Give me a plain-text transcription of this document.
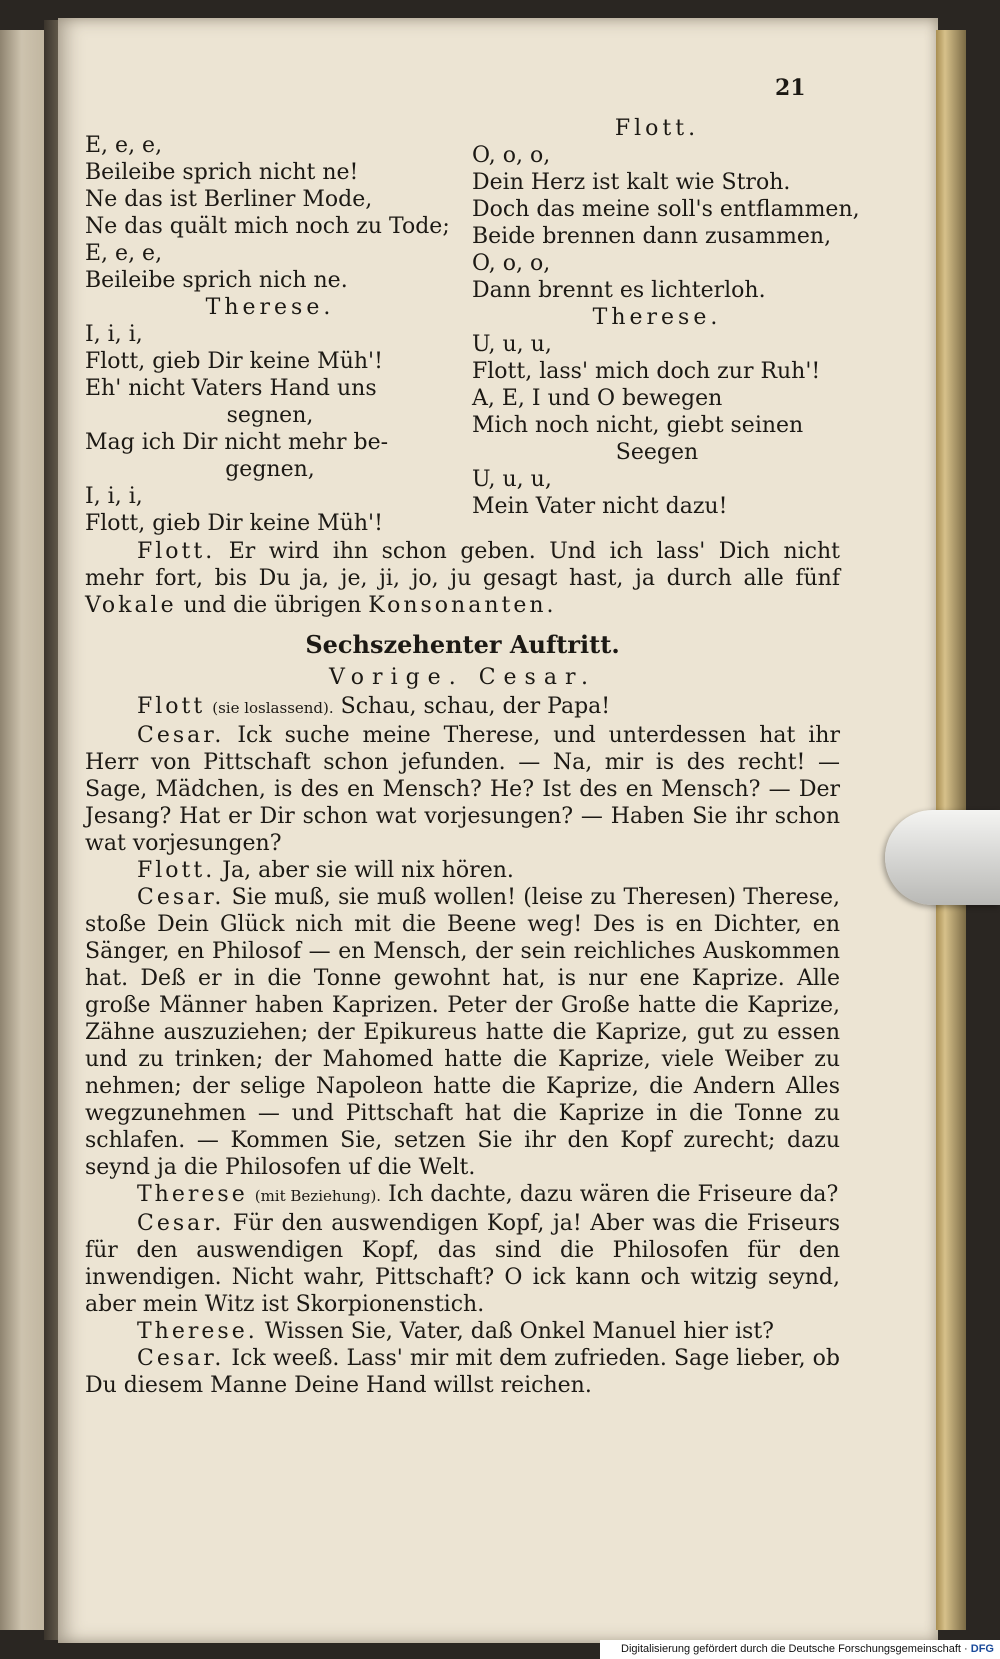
21
E, e, e,
Beileibe sprich nicht ne!
Ne das ist Berliner Mode,
Ne das quält mich noch zu Tode;
E, e, e,
Beileibe sprich nich ne.
Therese.
I, i, i,
Flott, gieb Dir keine Müh'!
Eh' nicht Vaters Hand uns
segnen,
Mag ich Dir nicht mehr be-
gegnen,
I, i, i,
Flott, gieb Dir keine Müh'!
Flott.
O, o, o,
Dein Herz ist kalt wie Stroh.
Doch das meine soll's entflammen,
Beide brennen dann zusammen,
O, o, o,
Dann brennt es lichterloh.
Therese.
U, u, u,
Flott, lass' mich doch zur Ruh'!
A, E, I und O bewegen
Mich noch nicht, giebt seinen
Seegen
U, u, u,
Mein Vater nicht dazu!

Flott. Er wird ihn schon geben. Und ich lass' Dich nicht mehr fort, bis Du ja, je, ji, jo, ju gesagt hast, ja durch alle fünf Vokale und die übrigen Konsonanten.

Sechszehenter Auftritt.
Vorige. Cesar.

Flott (sie loslassend). Schau, schau, der Papa!

Cesar. Ick suche meine Therese, und unterdessen hat ihr Herr von Pittschaft schon jefunden. — Na, mir is des recht! — Sage, Mädchen, is des en Mensch? He? Ist des en Mensch? — Der Jesang? Hat er Dir schon wat vorjesungen? — Haben Sie ihr schon wat vorjesungen?

Flott. Ja, aber sie will nix hören.

Cesar. Sie muß, sie muß wollen! (leise zu Theresen) Therese, stoße Dein Glück nich mit die Beene weg! Des is en Dichter, en Sänger, en Philosof — en Mensch, der sein reichliches Auskommen hat. Deß er in die Tonne gewohnt hat, is nur ene Kaprize. Alle große Männer haben Kaprizen. Peter der Große hatte die Kaprize, Zähne auszuziehen; der Epikureus hatte die Kaprize, gut zu essen und zu trinken; der Mahomed hatte die Kaprize, viele Weiber zu nehmen; der selige Napoleon hatte die Kaprize, die Andern Alles wegzunehmen — und Pittschaft hat die Kaprize in die Tonne zu schlafen. — Kommen Sie, setzen Sie ihr den Kopf zurecht; dazu seynd ja die Philosofen uf die Welt.

Therese (mit Beziehung). Ich dachte, dazu wären die Friseure da?

Cesar. Für den auswendigen Kopf, ja! Aber was die Friseurs für den auswendigen Kopf, das sind die Philosofen für den inwendigen. Nicht wahr, Pittschaft? O ick kann och witzig seynd, aber mein Witz ist Skorpionenstich.

Therese. Wissen Sie, Vater, daß Onkel Manuel hier ist?

Cesar. Ick weeß. Lass' mir mit dem zufrieden. Sage lieber, ob Du diesem Manne Deine Hand willst reichen.

Digitalisierung gefördert durch die Deutsche Forschungsgemeinschaft · DFG
